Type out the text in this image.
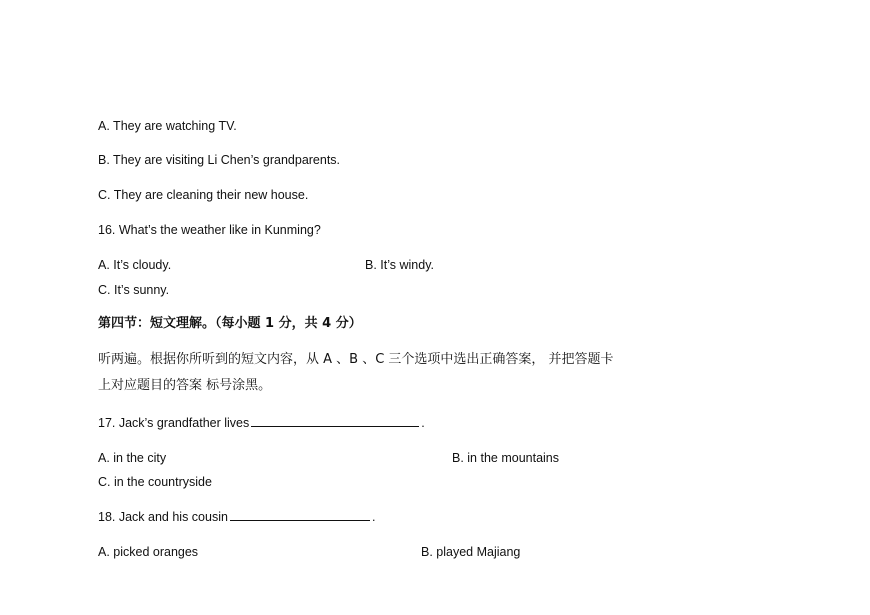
A. They are watching TV.
B. They are visiting Li Chen’s grandparents.
C. They are cleaning their new house.
16. What’s the weather like in Kunming?
A. It’s cloudy.	B. It’s windy.
C. It’s sunny.
第四节：短文理解。（每小题 1 分，共 4 分）
听两遍。根据你所听到的短文内容，从 A 、B 、C 三个选项中选出正确答案， 并把答题卡
上对应题目的答案 标号涂黑。
17. Jack’s grandfather lives	.
A. in the city	B. in the mountains
C. in the countryside
18. Jack and his cousin	.
A. picked oranges	B. played Majiang
